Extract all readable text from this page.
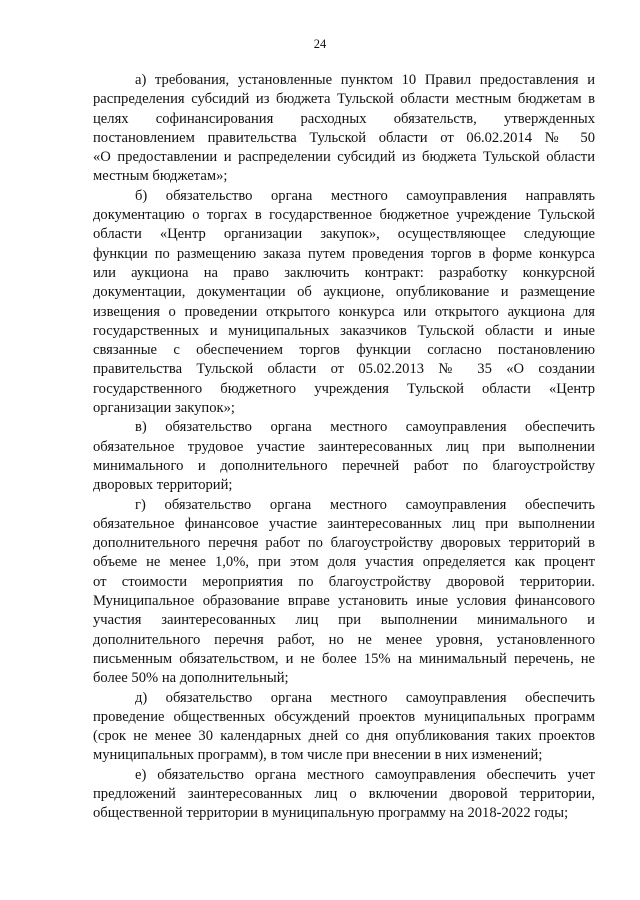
24
а) требования, установленные пунктом 10 Правил предоставления и
распределения субсидий из бюджета Тульской области местным бюджетам в
целях софинансирования расходных обязательств, утвержденных
постановлением правительства Тульской области от 06.02.2014 № 50
«О предоставлении и распределении субсидий из бюджета Тульской области
местным бюджетам»;
б) обязательство органа местного самоуправления направлять
документацию о торгах в государственное бюджетное учреждение Тульской
области «Центр организации закупок», осуществляющее следующие
функции по размещению заказа путем проведения торгов в форме конкурса
или аукциона на право заключить контракт: разработку конкурсной
документации, документации об аукционе, опубликование и размещение
извещения о проведении открытого конкурса или открытого аукциона для
государственных и муниципальных заказчиков Тульской области и иные
связанные с обеспечением торгов функции согласно постановлению
правительства Тульской области от 05.02.2013 № 35 «О создании
государственного бюджетного учреждения Тульской области «Центр
организации закупок»;
в) обязательство органа местного самоуправления обеспечить
обязательное трудовое участие заинтересованных лиц при выполнении
минимального и дополнительного перечней работ по благоустройству
дворовых территорий;
г) обязательство органа местного самоуправления обеспечить
обязательное финансовое участие заинтересованных лиц при выполнении
дополнительного перечня работ по благоустройству дворовых территорий в
объеме не менее 1,0%, при этом доля участия определяется как процент
от стоимости мероприятия по благоустройству дворовой территории.
Муниципальное образование вправе установить иные условия финансового
участия заинтересованных лиц при выполнении минимального и
дополнительного перечня работ, но не менее уровня, установленного
письменным обязательством, и не более 15% на минимальный перечень, не
более 50% на дополнительный;
д) обязательство органа местного самоуправления обеспечить
проведение общественных обсуждений проектов муниципальных программ
(срок не менее 30 календарных дней со дня опубликования таких проектов
муниципальных программ), в том числе при внесении в них изменений;
е) обязательство органа местного самоуправления обеспечить учет
предложений заинтересованных лиц о включении дворовой территории,
общественной территории в муниципальную программу на 2018-2022 годы;
